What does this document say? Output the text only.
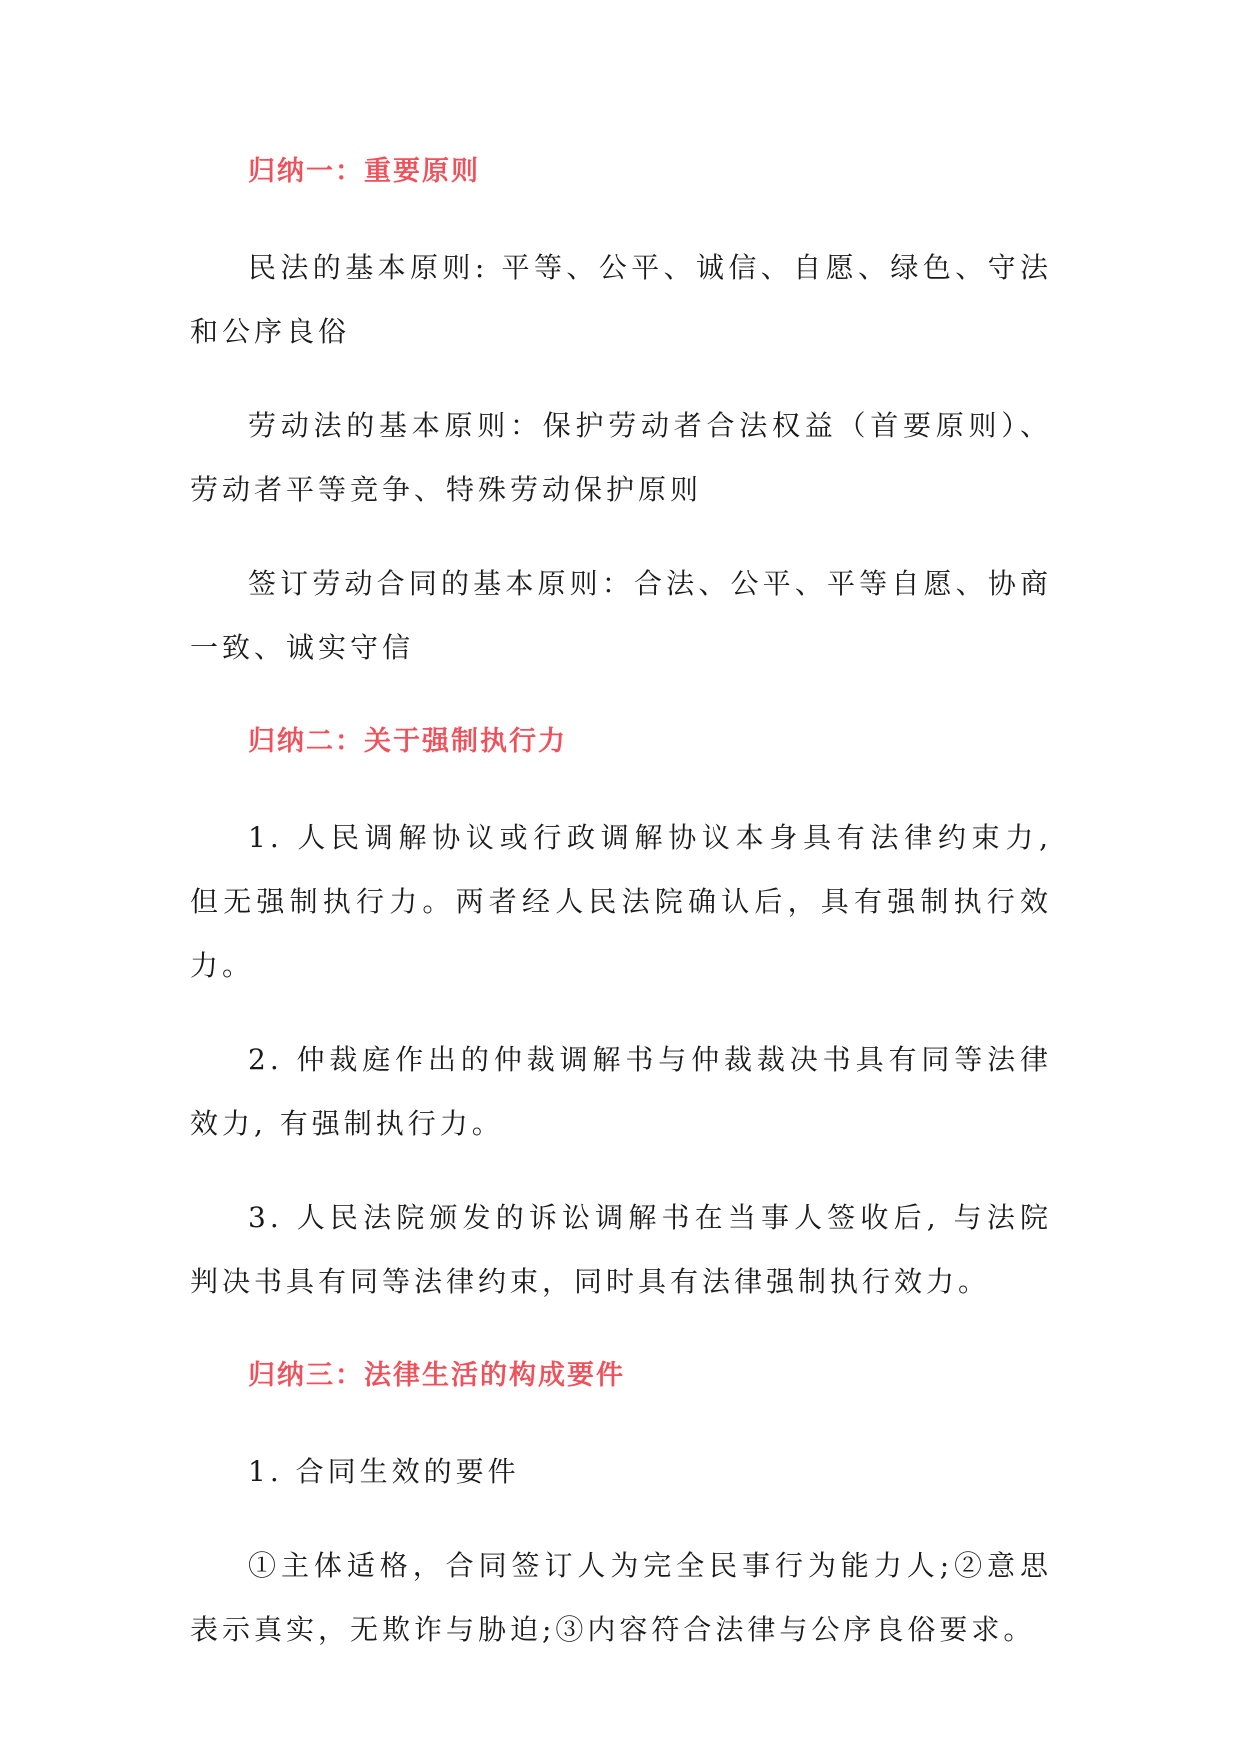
归纳一：重要原则

民法的基本原则: 平等、公平、诚信、自愿、绿色、守法和公序良俗

劳动法的基本原则：保护劳动者合法权益（首要原则）、劳动者平等竞争、特殊劳动保护原则

签订劳动合同的基本原则：合法、公平、平等自愿、协商一致、诚实守信

归纳二：关于强制执行力

1. 人民调解协议或行政调解协议本身具有法律约束力, 但无强制执行力。两者经人民法院确认后，具有强制执行效力。

2. 仲裁庭作出的仲裁调解书与仲裁裁决书具有同等法律效力, 有强制执行力。

3. 人民法院颁发的诉讼调解书在当事人签收后, 与法院判决书具有同等法律约束，同时具有法律强制执行效力。

归纳三：法律生活的构成要件

1. 合同生效的要件

①主体适格，合同签订人为完全民事行为能力人;②意思表示真实，无欺诈与胁迫;③内容符合法律与公序良俗要求。
